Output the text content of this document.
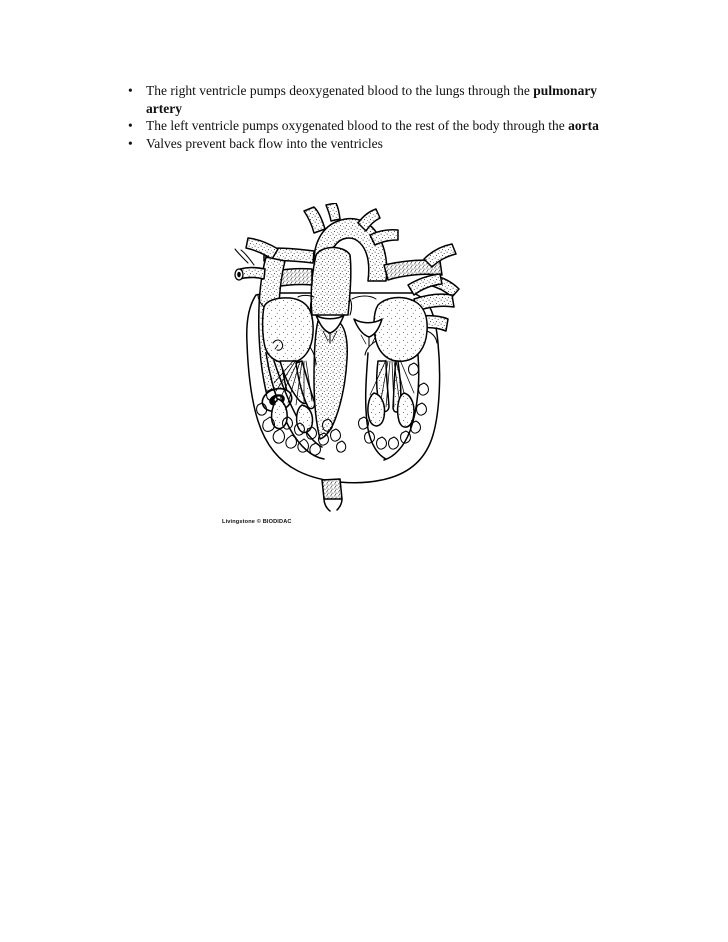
• The right ventricle pumps deoxygenated blood to the lungs through the pulmonary artery
• The left ventricle pumps oxygenated blood to the rest of the body through the aorta
• Valves prevent back flow into the ventricles
Livingstone © BIODIDAC
